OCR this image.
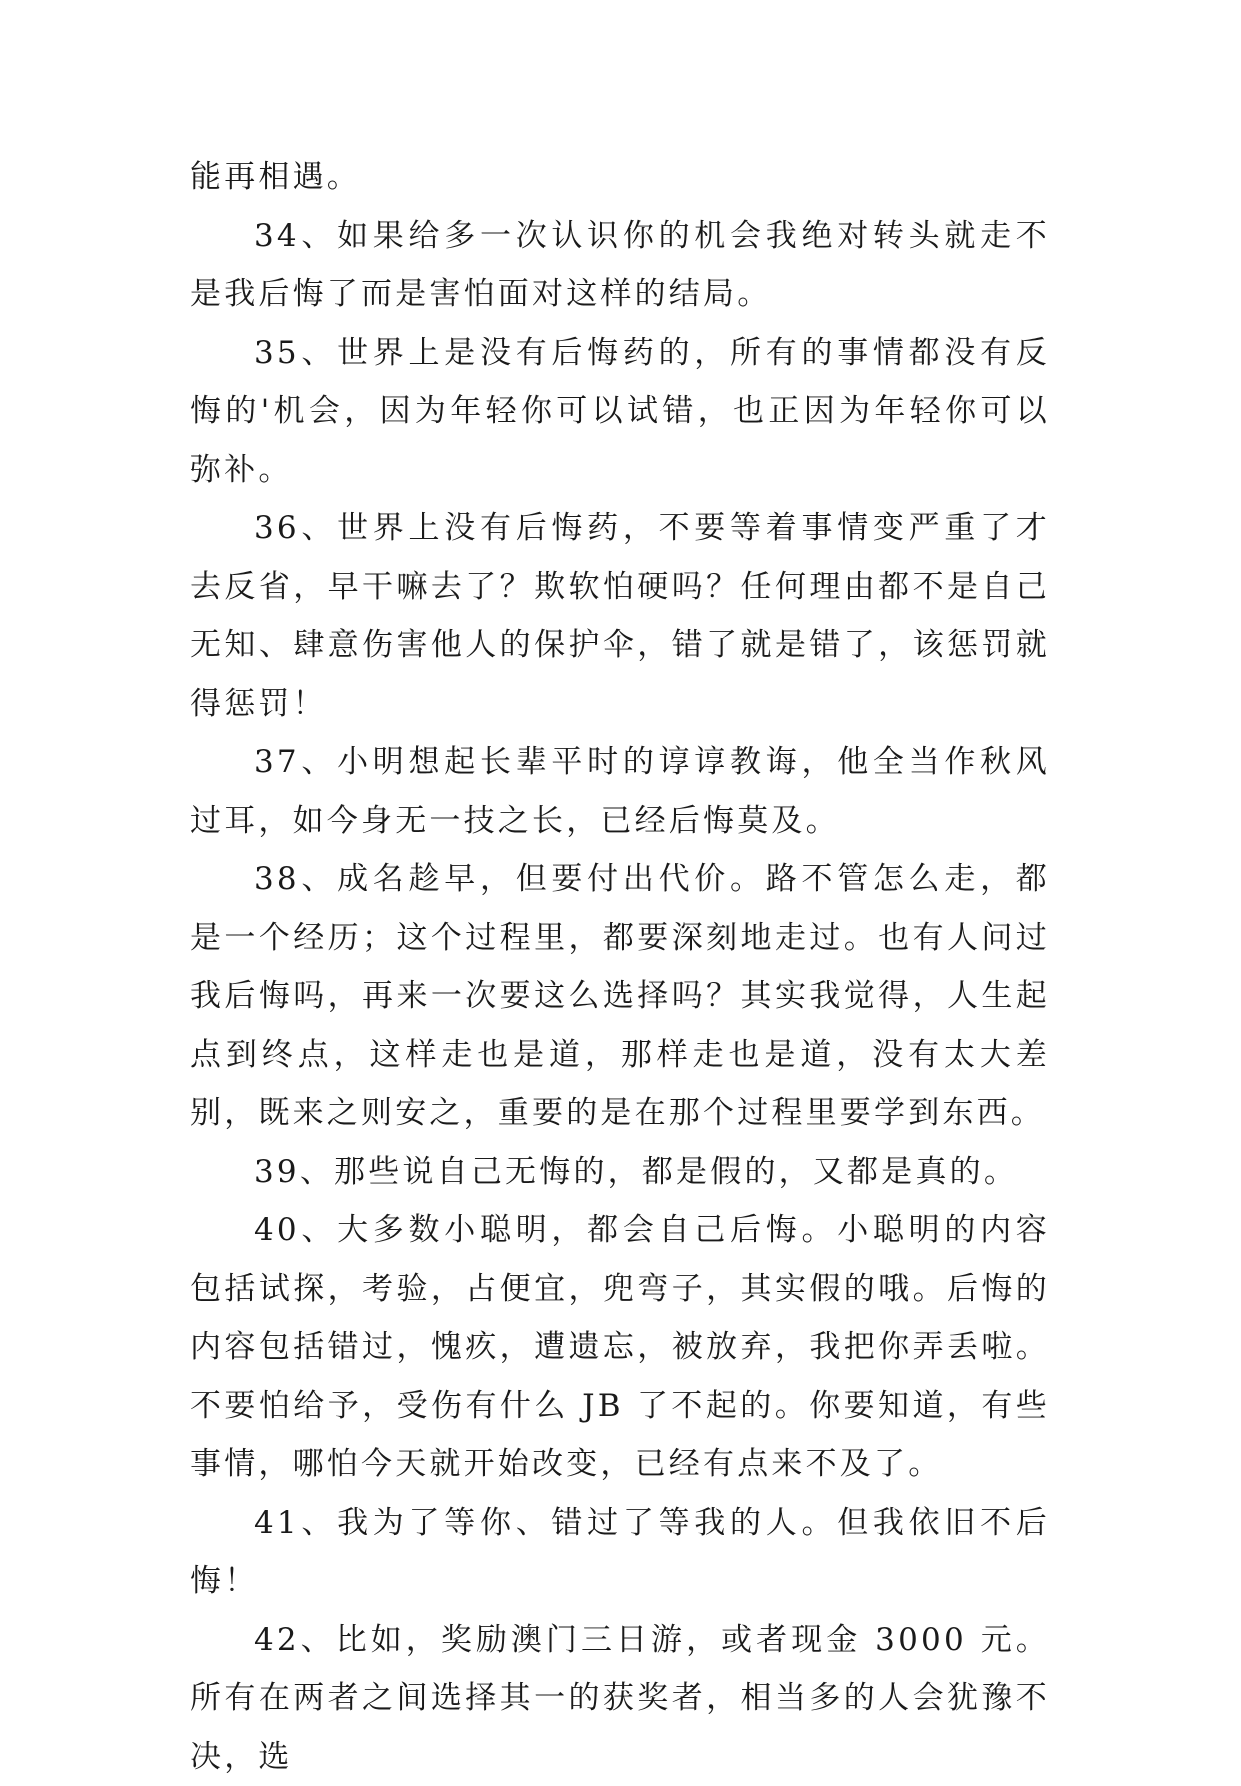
能再相遇。

34、如果给多一次认识你的机会我绝对转头就走不是我后悔了而是害怕面对这样的结局。

35、世界上是没有后悔药的，所有的事情都没有反悔的'机会，因为年轻你可以试错，也正因为年轻你可以弥补。

36、世界上没有后悔药，不要等着事情变严重了才去反省，早干嘛去了？欺软怕硬吗？任何理由都不是自己无知、肆意伤害他人的保护伞，错了就是错了，该惩罚就得惩罚！

37、小明想起长辈平时的谆谆教诲，他全当作秋风过耳，如今身无一技之长，已经后悔莫及。

38、成名趁早，但要付出代价。路不管怎么走，都是一个经历；这个过程里，都要深刻地走过。也有人问过我后悔吗，再来一次要这么选择吗？其实我觉得，人生起点到终点，这样走也是道，那样走也是道，没有太大差别，既来之则安之，重要的是在那个过程里要学到东西。

39、那些说自己无悔的，都是假的，又都是真的。

40、大多数小聪明，都会自己后悔。小聪明的内容包括试探，考验，占便宜，兜弯子，其实假的哦。后悔的内容包括错过，愧疚，遭遗忘，被放弃，我把你弄丢啦。不要怕给予，受伤有什么 JB 了不起的。你要知道，有些事情，哪怕今天就开始改变，已经有点来不及了。

41、我为了等你、错过了等我的人。但我依旧不后悔！

42、比如，奖励澳门三日游，或者现金 3000 元。所有在两者之间选择其一的获奖者，相当多的人会犹豫不决，选
